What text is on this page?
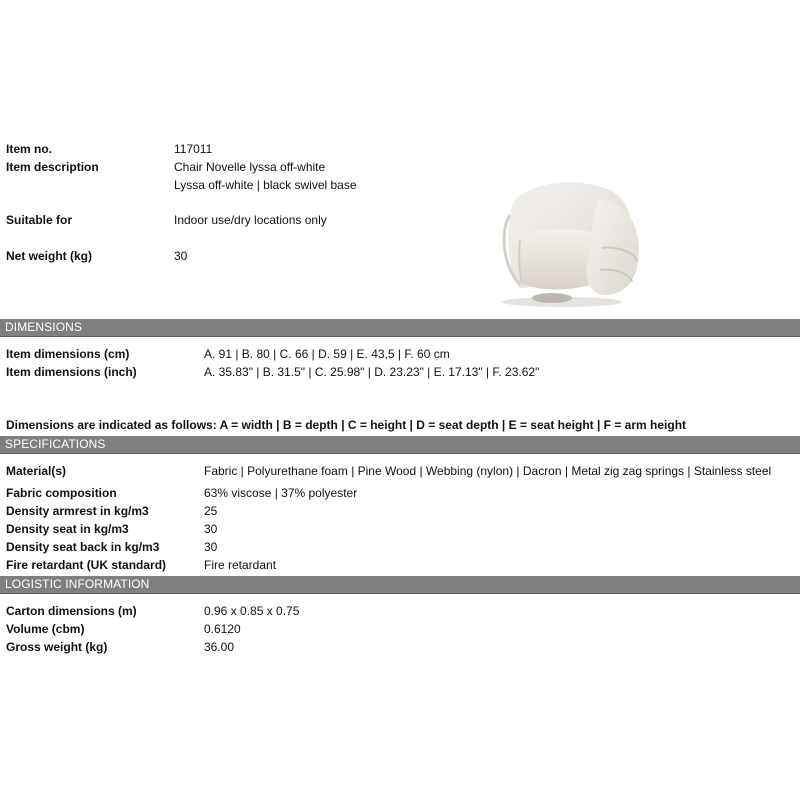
Item no.	117011
Item description	Chair Novelle lyssa off-white
Lyssa off-white | black swivel base
Suitable for	Indoor use/dry locations only
Net weight (kg)	30
DIMENSIONS
Item dimensions (cm)	A. 91 | B. 80 | C. 66 | D. 59 | E. 43,5 | F. 60 cm
Item dimensions (inch)	A. 35.83" | B. 31.5" | C. 25.98" | D. 23.23" | E. 17.13" | F. 23.62"
Dimensions are indicated as follows: A = width | B = depth | C = height | D = seat depth | E = seat height | F = arm height
SPECIFICATIONS
Material(s)	Fabric | Polyurethane foam | Pine Wood | Webbing (nylon) | Dacron | Metal zig zag springs | Stainless steel
Fabric composition	63% viscose | 37% polyester
Density armrest in kg/m3	25
Density seat in kg/m3	30
Density seat back in kg/m3	30
Fire retardant (UK standard)	Fire retardant
LOGISTIC INFORMATION
Carton dimensions (m)	0.96 x 0.85 x 0.75
Volume (cbm)	0.6120
Gross weight (kg)	36.00
